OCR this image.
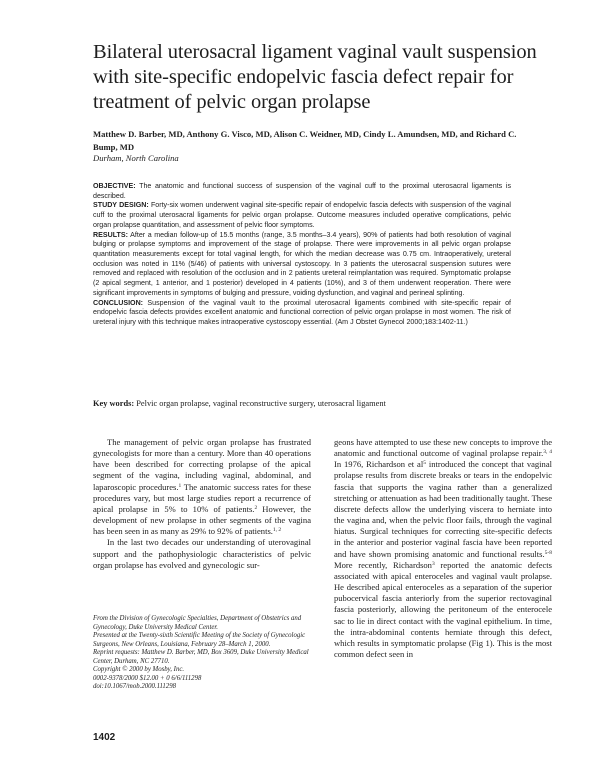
Bilateral uterosacral ligament vaginal vault suspension with site-specific endopelvic fascia defect repair for treatment of pelvic organ prolapse

Matthew D. Barber, MD, Anthony G. Visco, MD, Alison C. Weidner, MD, Cindy L. Amundsen, MD, and Richard C. Bump, MD

Durham, North Carolina

OBJECTIVE: The anatomic and functional success of suspension of the vaginal cuff to the proximal uterosacral ligaments is described.

STUDY DESIGN: Forty-six women underwent vaginal site-specific repair of endopelvic fascia defects with suspension of the vaginal cuff to the proximal uterosacral ligaments for pelvic organ prolapse. Outcome measures included operative complications, pelvic organ prolapse quantitation, and assessment of pelvic floor symptoms.

RESULTS: After a median follow-up of 15.5 months (range, 3.5 months–3.4 years), 90% of patients had both resolution of vaginal bulging or prolapse symptoms and improvement of the stage of prolapse. There were improvements in all pelvic organ prolapse quantitation measurements except for total vaginal length, for which the median decrease was 0.75 cm. Intraoperatively, ureteral occlusion was noted in 11% (5/46) of patients with universal cystoscopy. In 3 patients the uterosacral suspension sutures were removed and replaced with resolution of the occlusion and in 2 patients ureteral reimplantation was required. Symptomatic prolapse (2 apical segment, 1 anterior, and 1 posterior) developed in 4 patients (10%), and 3 of them underwent reoperation. There were significant improvements in symptoms of bulging and pressure, voiding dysfunction, and vaginal and perineal splinting.

CONCLUSION: Suspension of the vaginal vault to the proximal uterosacral ligaments combined with site-specific repair of endopelvic fascia defects provides excellent anatomic and functional correction of pelvic organ prolapse in most women. The risk of ureteral injury with this technique makes intraoperative cystoscopy essential. (Am J Obstet Gynecol 2000;183:1402-11.)

Key words: Pelvic organ prolapse, vaginal reconstructive surgery, uterosacral ligament

The management of pelvic organ prolapse has frustrated gynecologists for more than a century. More than 40 operations have been described for correcting prolapse of the apical segment of the vagina, including vaginal, abdominal, and laparoscopic procedures.$^1$ The anatomic success rates for these procedures vary, but most large studies report a recurrence of apical prolapse in 5% to 10% of patients.$^2$ However, the development of new prolapse in other segments of the vagina has been seen in as many as 29% to 92% of patients.$^{1, 2}$

In the last two decades our understanding of uterovaginal support and the pathophysiologic characteristics of pelvic organ prolapse has evolved and gynecologic sur-

geons have attempted to use these new concepts to improve the anatomic and functional outcome of vaginal prolapse repair.$^{3, 4}$ In 1976, Richardson et $al^5$ introduced the concept that vaginal prolapse results from discrete breaks or tears in the endopelvic fascia that supports the vagina rather than a generalized stretching or attenuation as had been traditionally taught. These discrete defects allow the underlying viscera to herniate into the vagina and, when the pelvic floor fails, through the vaginal hiatus. Surgical techniques for correcting site-specific defects in the anterior and posterior vaginal fascia have been reported and have shown promising anatomic and functional results.$^{5-8}$ More recently, Richardson$^3$ reported the anatomic defects associated with apical enteroceles and vaginal vault prolapse. He described apical enteroceles as a separation of the superior pubocervical fascia anteriorly from the superior rectovaginal fascia posteriorly, allowing the peritoneum of the enterocele sac to lie in direct contact with the vaginal epithelium. In time, the intra-abdominal contents herniate through this defect, which results in symptomatic prolapse (Fig 1). This is the most common defect seen in

From the Division of Gynecologic Specialties, Department of Obstetrics and Gynecology, Duke University Medical Center.
Presented at the Twenty-sixth Scientific Meeting of the Society of Gynecologic Surgeons, New Orleans, Louisiana, February 28–March 1, 2000.
Reprint requests: Matthew D. Barber, MD, Box 3609, Duke University Medical Center, Durham, NC 27710.
Copyright © 2000 by Mosby, Inc.
0002-9378/2000 $12.00 + 0 6/6/111298
doi:10.1067/mob.2000.111298
1402
